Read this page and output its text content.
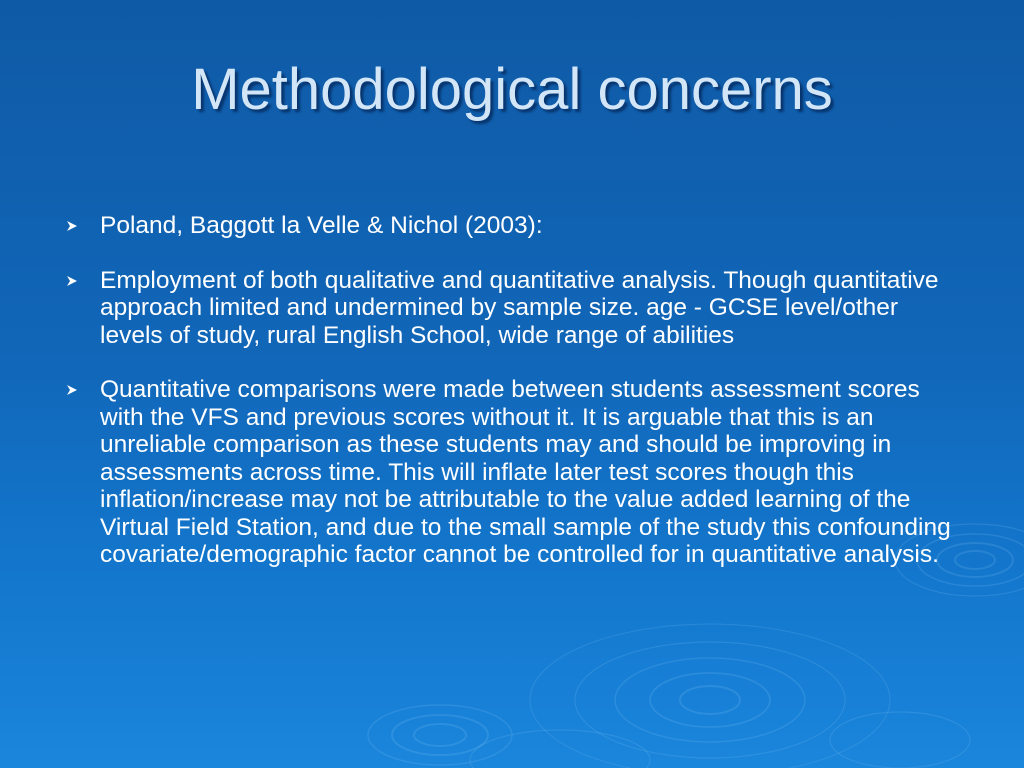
Methodological concerns
Poland, Baggott la Velle & Nichol (2003):
Employment of both qualitative and quantitative analysis. Though quantitative approach limited and undermined by sample size. age - GCSE level/other levels of study, rural English School, wide range of abilities
Quantitative comparisons were made between students assessment scores with the VFS and previous scores without it. It is arguable that this is an unreliable comparison as these students may and should be improving in assessments across time. This will inflate later test scores though this inflation/increase may not be attributable to the value added learning of the Virtual Field Station, and due to the small sample of the study this confounding covariate/demographic factor cannot be controlled for in quantitative analysis.
